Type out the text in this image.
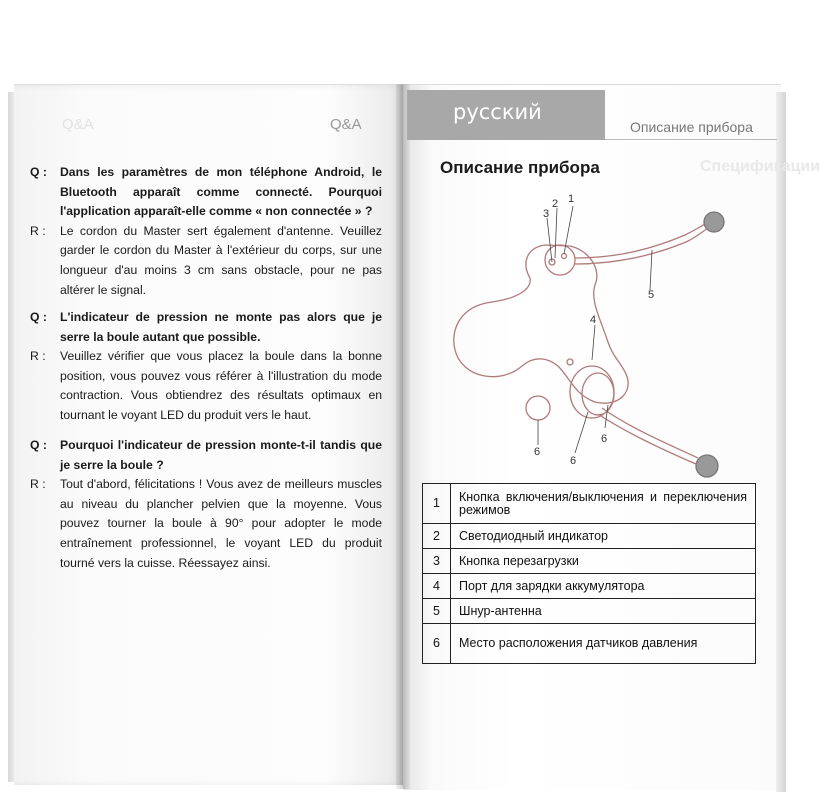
Q&A	Q&A
Q :	Dans les paramètres de mon téléphone Android, le Bluetooth apparaît comme connecté. Pourquoi l'application apparaît-elle comme « non connectée » ?
R :	Le cordon du Master sert également d'antenne. Veuillez garder le cordon du Master à l'extérieur du corps, sur une longueur d'au moins 3 cm sans obstacle, pour ne pas altérer le signal.
Q :	L'indicateur de pression ne monte pas alors que je serre la boule autant que possible.
R :	Veuillez vérifier que vous placez la boule dans la bonne position, vous pouvez vous référer à l'illustration du mode contraction. Vous obtiendrez des résultats optimaux en tournant le voyant LED du produit vers le haut.
Q :	Pourquoi l'indicateur de pression monte-t-il tandis que je serre la boule ?
R :	Tout d'abord, félicitations ! Vous avez de meilleurs muscles au niveau du plancher pelvien que la moyenne. Vous pouvez tourner la boule à 90° pour adopter le mode entraînement professionnel, le voyant LED du produit tourné vers la cuisse. Réessayez ainsi.
русский
Описание прибора
Описание прибора	Спецификации
1
2
3
4
5
6
6
6
1	Кнопка включения/выключения и переключения режимов
2	Светодиодный индикатор
3	Кнопка перезагрузки
4	Порт для зарядки аккумулятора
5	Шнур-антенна
6	Место расположения датчиков давления
